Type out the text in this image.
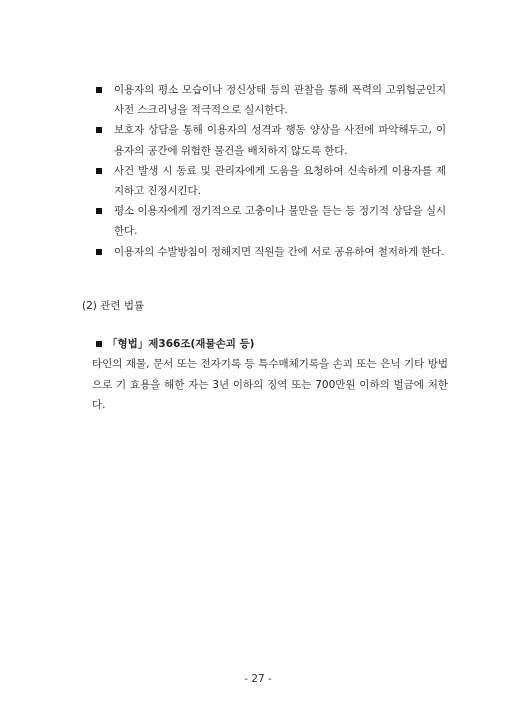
이용자의 평소 모습이나 정신상태 등의 관찰을 통해 폭력의 고위험군인지 사전 스크리닝을 적극적으로 실시한다.
보호자 상담을 통해 이용자의 성격과 행동 양상을 사전에 파악해두고, 이용자의 공간에 위험한 물건을 배치하지 않도록 한다.
사건 발생 시 동료 및 관리자에게 도움을 요청하여 신속하게 이용자를 제지하고 진정시킨다.
평소 이용자에게 정기적으로 고충이나 불만을 듣는 등 정기적 상담을 실시한다.
이용자의 수발방침이 정해지면 직원들 간에 서로 공유하여 철저하게 한다.
(2) 관련 법률
「형법」제366조(재물손괴 등)
타인의 재물, 문서 또는 전자기록 등 특수매체기록을 손괴 또는 은닉 기타 방법으로 기 효용을 해한 자는 3년 이하의 징역 또는 700만원 이하의 벌금에 처한다.
- 27 -
